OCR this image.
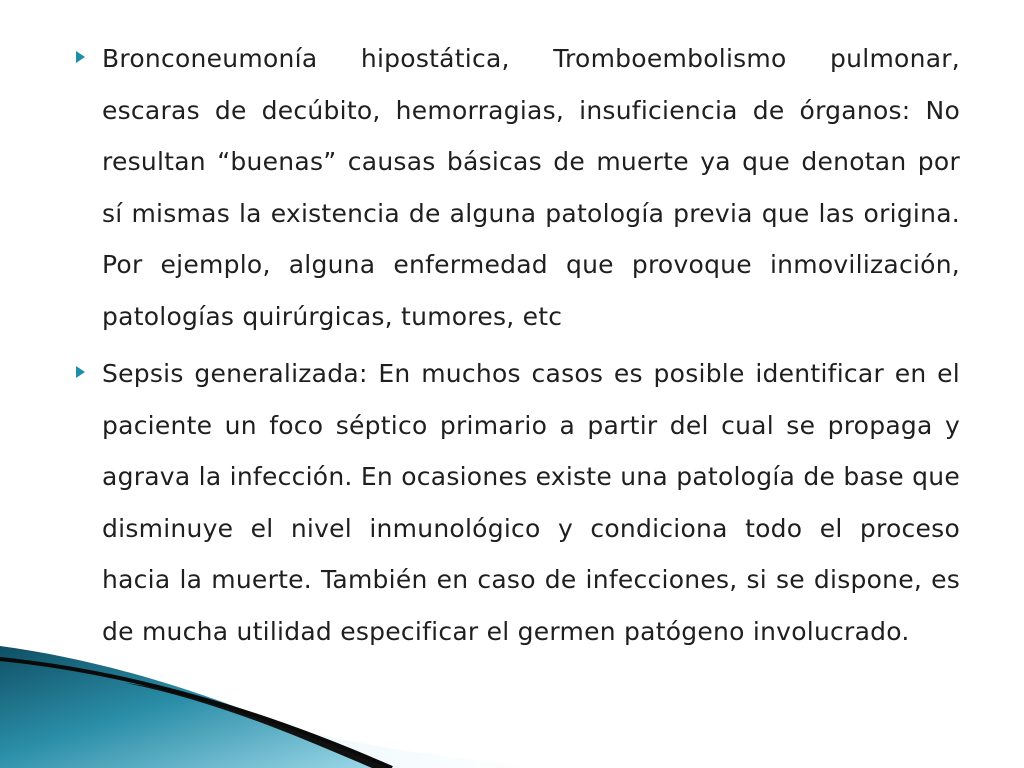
Bronconeumonía hipostática, Tromboembolismo pulmonar, escaras de decúbito, hemorragias, insuficiencia de órganos: No resultan “buenas” causas básicas de muerte ya que denotan por sí mismas la existencia de alguna patología previa que las origina. Por ejemplo, alguna enfermedad que provoque inmovilización, patologías quirúrgicas, tumores, etc
Sepsis generalizada: En muchos casos es posible identificar en el paciente un foco séptico primario a partir del cual se propaga y agrava la infección. En ocasiones existe una patología de base que disminuye el nivel inmunológico y condiciona todo el proceso hacia la muerte. También en caso de infecciones, si se dispone, es de mucha utilidad especificar el germen patógeno involucrado.
